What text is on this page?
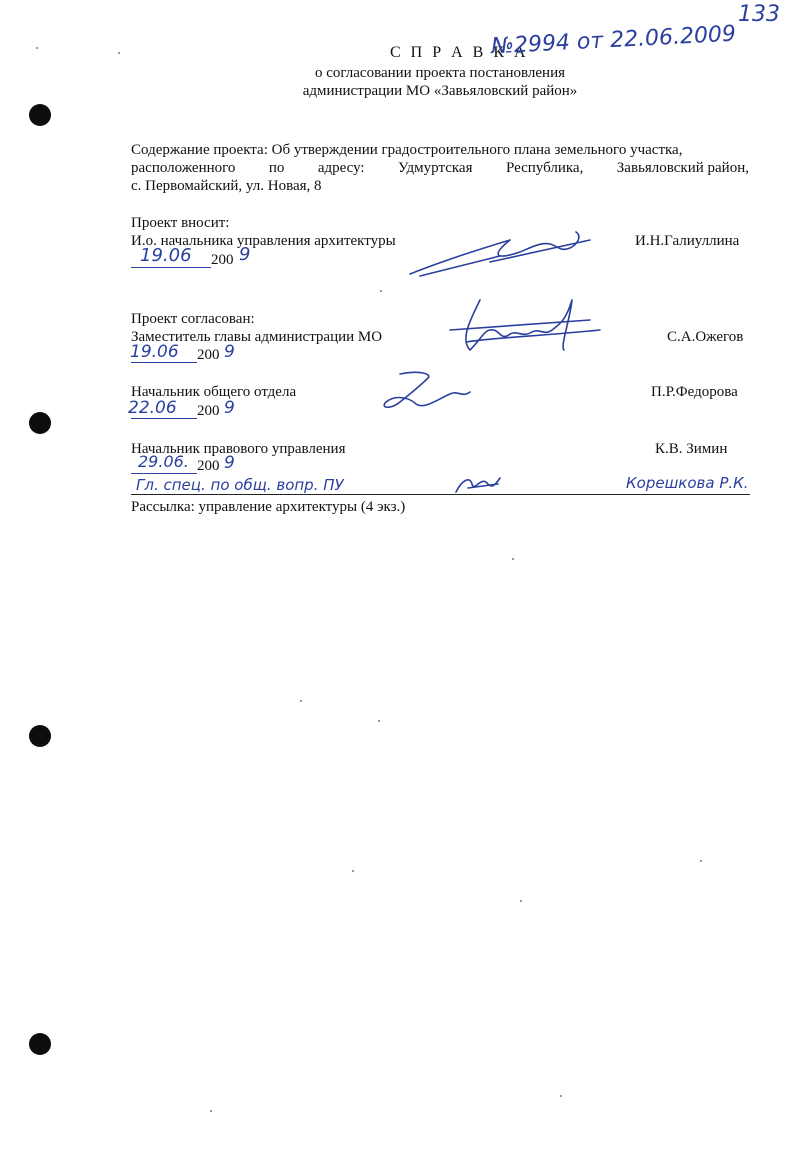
С П Р А В К А
№2994 от 22.06.2009
133
о согласовании проекта постановления
администрации МО «Завьяловский район»
Содержание проекта: Об утверждении градостроительного плана земельного участка,
расположенного по адресу: Удмуртская Республика, Завьяловский район,
с. Первомайский, ул. Новая, 8
Проект вносит:
И.о. начальника управления архитектуры	И.Н.Галиуллина
19.06 200 9
Проект согласован:
Заместитель главы администрации МО	С.А.Ожегов
19.06 200 9
Начальник общего отдела	П.Р.Федорова
22.06 200 9
Начальник правового управления	К.В. Зимин
29.06. 200 9
Гл. спец. по общ. вопр. ПУ	Корешкова Р.К.
Рассылка: управление архитектуры (4 экз.)
